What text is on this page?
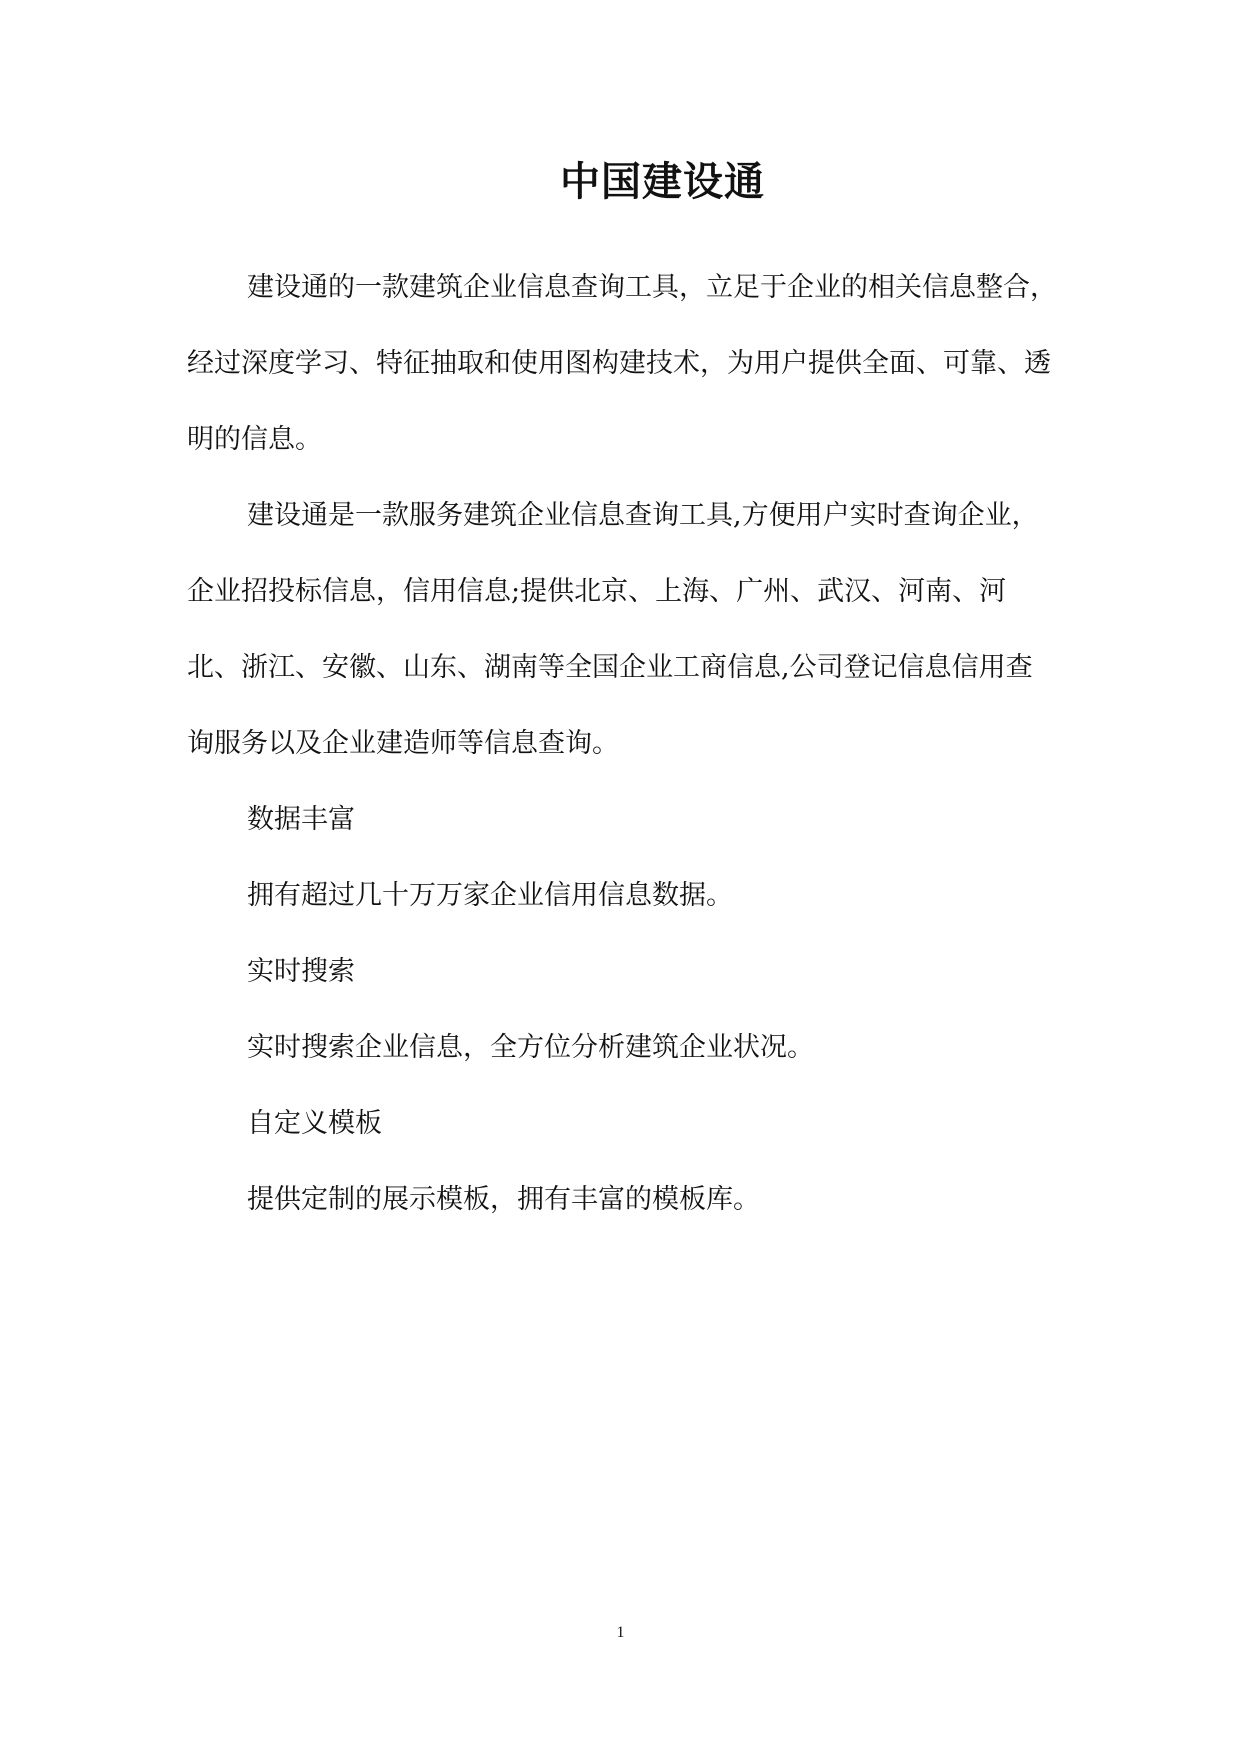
中国建设通

建设通的一款建筑企业信息查询工具，立足于企业的相关信息整合，经过深度学习、特征抽取和使用图构建技术，为用户提供全面、可靠、透明的信息。

建设通是一款服务建筑企业信息查询工具,方便用户实时查询企业，企业招投标信息，信用信息;提供北京、上海、广州、武汉、河南、河北、浙江、安徽、山东、湖南等全国企业工商信息,公司登记信息信用查询服务以及企业建造师等信息查询。

数据丰富

拥有超过几十万万家企业信用信息数据。

实时搜索

实时搜索企业信息，全方位分析建筑企业状况。

自定义模板

提供定制的展示模板，拥有丰富的模板库。

1
